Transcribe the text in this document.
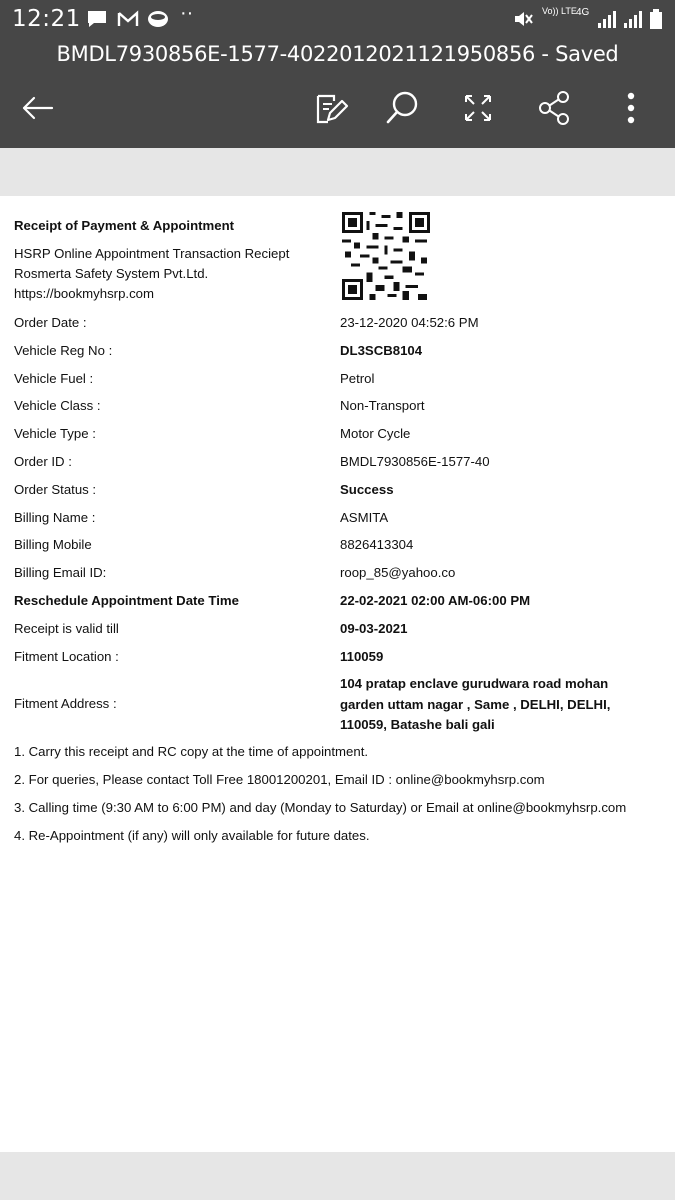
12:21	··	Vo)) LTE 4G
BMDL7930856E-1577-4022012021121950856 - Saved
Receipt of Payment & Appointment
HSRP Online Appointment Transaction Reciept
Rosmerta Safety System Pvt.Ltd.
https://bookmyhsrp.com
Order Date :	23-12-2020 04:52:6 PM
Vehicle Reg No :	DL3SCB8104
Vehicle Fuel :	Petrol
Vehicle Class :	Non-Transport
Vehicle Type :	Motor Cycle
Order ID :	BMDL7930856E-1577-40
Order Status :	Success
Billing Name :	ASMITA
Billing Mobile	8826413304
Billing Email ID:	roop_85@yahoo.co
Reschedule Appointment Date Time	22-02-2021 02:00 AM-06:00 PM
Receipt is valid till	09-03-2021
Fitment Location :	110059
Fitment Address :
104 pratap enclave gurudwara road mohan garden uttam nagar , Same , DELHI, DELHI, 110059, Batashe bali gali
1. Carry this receipt and RC copy at the time of appointment.
2. For queries, Please contact Toll Free 18001200201, Email ID : online@bookmyhsrp.com
3. Calling time (9:30 AM to 6:00 PM) and day (Monday to Saturday) or Email at online@bookmyhsrp.com
4. Re-Appointment (if any) will only available for future dates.
